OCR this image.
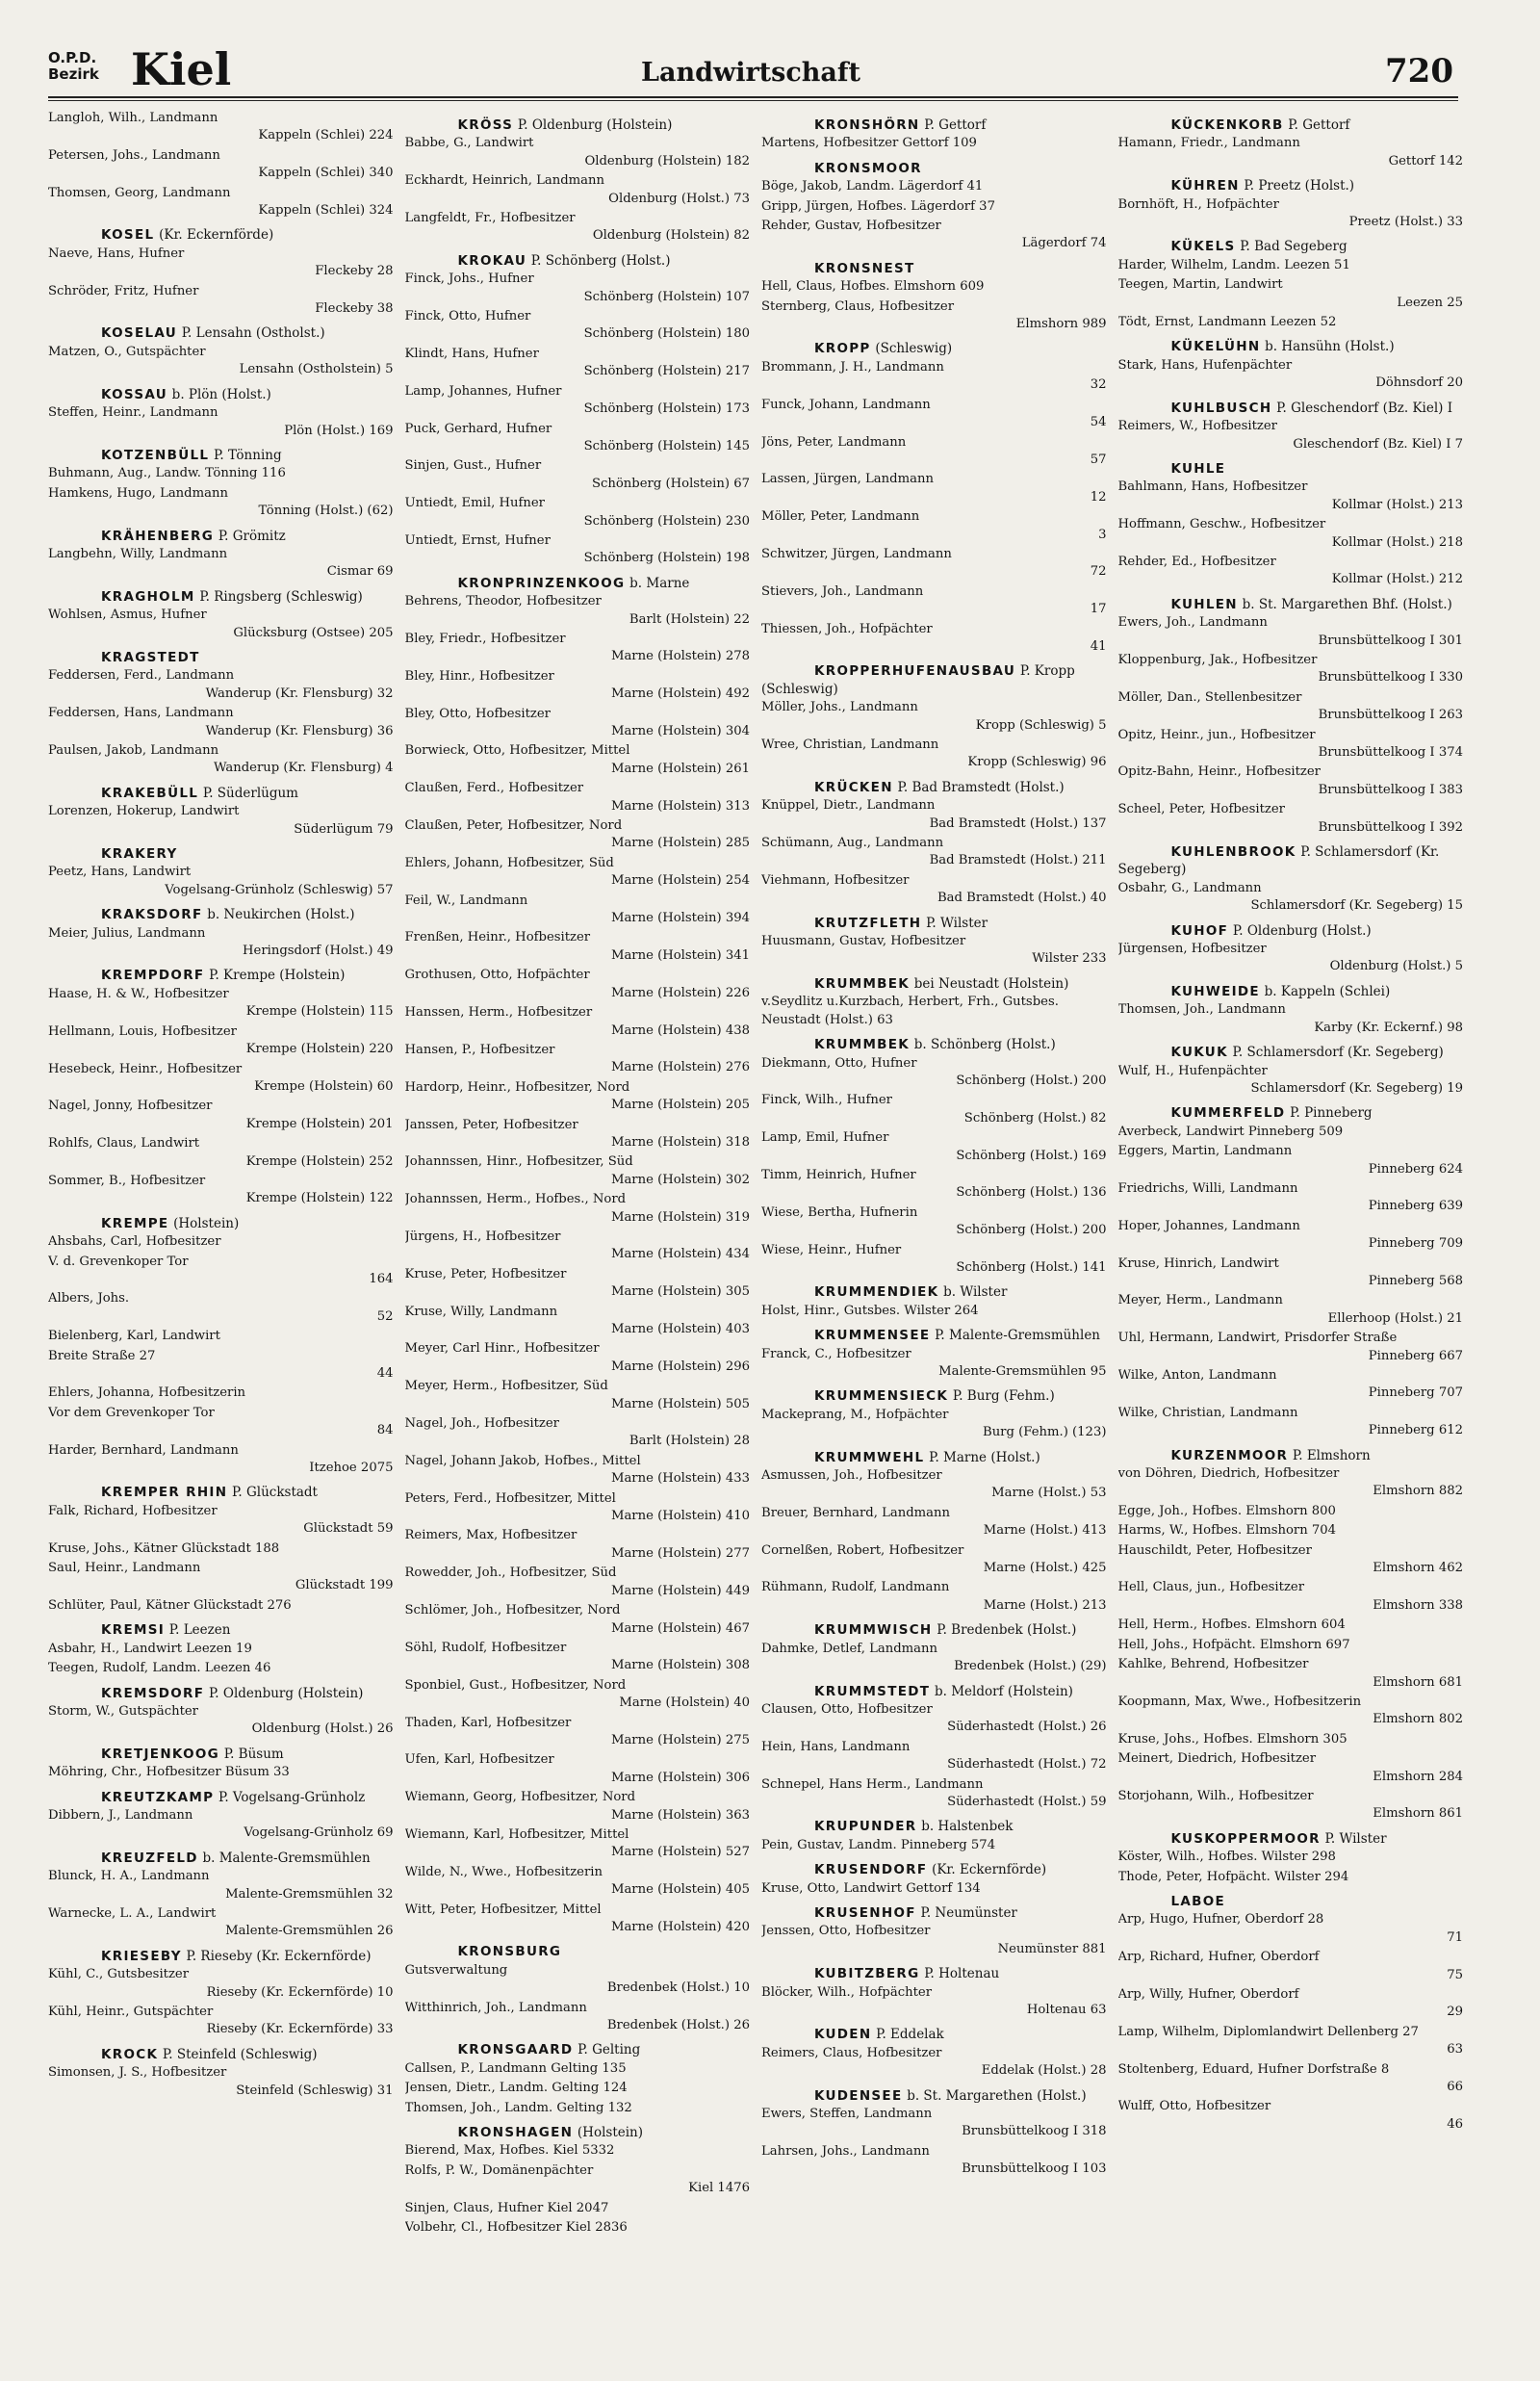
O.P.D.
Bezirk Kiel	Landwirtschaft	720
Langloh, Wilh., Landmann
Kappeln (Schlei) 224
Petersen, Johs., Landmann
Kappeln (Schlei) 340
Thomsen, Georg, Landmann
Kappeln (Schlei) 324
KOSEL (Kr. Eckernförde)
Naeve, Hans, Hufner
Fleckeby 28
Schröder, Fritz, Hufner
Fleckeby 38
KOSELAU P. Lensahn (Ostholst.)
Matzen, O., Gutspächter
Lensahn (Ostholstein) 5
KOSSAU b. Plön (Holst.)
Steffen, Heinr., Landmann
Plön (Holst.) 169
KOTZENBÜLL P. Tönning
Buhmann, Aug., Landw. Tönning 116
Hamkens, Hugo, Landmann
Tönning (Holst.) (62)
KRÄHENBERG P. Grömitz
Langbehn, Willy, Landmann
Cismar 69
KRAGHOLM P. Ringsberg (Schleswig)
Wohlsen, Asmus, Hufner
Glücksburg (Ostsee) 205
KRAGSTEDT
Feddersen, Ferd., Landmann
Wanderup (Kr. Flensburg) 32
Feddersen, Hans, Landmann
Wanderup (Kr. Flensburg) 36
Paulsen, Jakob, Landmann
Wanderup (Kr. Flensburg) 4
KRAKEBÜLL P. Süderlügum
Lorenzen, Hokerup, Landwirt
Süderlügum 79
KRAKERY
Peetz, Hans, Landwirt
Vogelsang-Grünholz (Schleswig) 57
KRAKSDORF b. Neukirchen (Holst.)
Meier, Julius, Landmann
Heringsdorf (Holst.) 49
KREMPDORF P. Krempe (Holstein)
Haase, H. & W., Hofbesitzer
Krempe (Holstein) 115
Hellmann, Louis, Hofbesitzer
Krempe (Holstein) 220
Hesebeck, Heinr., Hofbesitzer
Krempe (Holstein) 60
Nagel, Jonny, Hofbesitzer
Krempe (Holstein) 201
Rohlfs, Claus, Landwirt
Krempe (Holstein) 252
Sommer, B., Hofbesitzer
Krempe (Holstein) 122
KREMPE (Holstein)
Ahsbahs, Carl, Hofbesitzer
V. d. Grevenkoper Tor
164
Albers, Johs.
52
Bielenberg, Karl, Landwirt
Breite Straße 27
44
Ehlers, Johanna, Hofbesitzerin
Vor dem Grevenkoper Tor
84
Harder, Bernhard, Landmann
Itzehoe 2075
KREMPER RHIN P. Glückstadt
Falk, Richard, Hofbesitzer
Glückstadt 59
Kruse, Johs., Kätner Glückstadt 188
Saul, Heinr., Landmann
Glückstadt 199
Schlüter, Paul, Kätner Glückstadt 276
KREMSI P. Leezen
Asbahr, H., Landwirt Leezen 19
Teegen, Rudolf, Landm. Leezen 46
KREMSDORF P. Oldenburg (Holstein)
Storm, W., Gutspächter
Oldenburg (Holst.) 26
KRETJENKOOG P. Büsum
Möhring, Chr., Hofbesitzer Büsum 33
KREUTZKAMP P. Vogelsang-Grünholz
Dibbern, J., Landmann
Vogelsang-Grünholz 69
KREUZFELD b. Malente-Gremsmühlen
Blunck, H. A., Landmann
Malente-Gremsmühlen 32
Warnecke, L. A., Landwirt
Malente-Gremsmühlen 26
KRIESEBY P. Rieseby (Kr. Eckernförde)
Kühl, C., Gutsbesitzer
Rieseby (Kr. Eckernförde) 10
Kühl, Heinr., Gutspächter
Rieseby (Kr. Eckernförde) 33
KROCK P. Steinfeld (Schleswig)
Simonsen, J. S., Hofbesitzer
Steinfeld (Schleswig) 31
KRÖSS P. Oldenburg (Holstein)
Babbe, G., Landwirt
Oldenburg (Holstein) 182
Eckhardt, Heinrich, Landmann
Oldenburg (Holst.) 73
Langfeldt, Fr., Hofbesitzer
Oldenburg (Holstein) 82
KROKAU P. Schönberg (Holst.)
Finck, Johs., Hufner
Schönberg (Holstein) 107
Finck, Otto, Hufner
Schönberg (Holstein) 180
Klindt, Hans, Hufner
Schönberg (Holstein) 217
Lamp, Johannes, Hufner
Schönberg (Holstein) 173
Puck, Gerhard, Hufner
Schönberg (Holstein) 145
Sinjen, Gust., Hufner
Schönberg (Holstein) 67
Untiedt, Emil, Hufner
Schönberg (Holstein) 230
Untiedt, Ernst, Hufner
Schönberg (Holstein) 198
KRONPRINZENKOOG b. Marne
Behrens, Theodor, Hofbesitzer
Barlt (Holstein) 22
Bley, Friedr., Hofbesitzer
Marne (Holstein) 278
Bley, Hinr., Hofbesitzer
Marne (Holstein) 492
Bley, Otto, Hofbesitzer
Marne (Holstein) 304
Borwieck, Otto, Hofbesitzer, Mittel
Marne (Holstein) 261
Claußen, Ferd., Hofbesitzer
Marne (Holstein) 313
Claußen, Peter, Hofbesitzer, Nord
Marne (Holstein) 285
Ehlers, Johann, Hofbesitzer, Süd
Marne (Holstein) 254
Feil, W., Landmann
Marne (Holstein) 394
Frenßen, Heinr., Hofbesitzer
Marne (Holstein) 341
Grothusen, Otto, Hofpächter
Marne (Holstein) 226
Hanssen, Herm., Hofbesitzer
Marne (Holstein) 438
Hansen, P., Hofbesitzer
Marne (Holstein) 276
Hardorp, Heinr., Hofbesitzer, Nord
Marne (Holstein) 205
Janssen, Peter, Hofbesitzer
Marne (Holstein) 318
Johannssen, Hinr., Hofbesitzer, Süd
Marne (Holstein) 302
Johannssen, Herm., Hofbes., Nord
Marne (Holstein) 319
Jürgens, H., Hofbesitzer
Marne (Holstein) 434
Kruse, Peter, Hofbesitzer
Marne (Holstein) 305
Kruse, Willy, Landmann
Marne (Holstein) 403
Meyer, Carl Hinr., Hofbesitzer
Marne (Holstein) 296
Meyer, Herm., Hofbesitzer, Süd
Marne (Holstein) 505
Nagel, Joh., Hofbesitzer
Barlt (Holstein) 28
Nagel, Johann Jakob, Hofbes., Mittel
Marne (Holstein) 433
Peters, Ferd., Hofbesitzer, Mittel
Marne (Holstein) 410
Reimers, Max, Hofbesitzer
Marne (Holstein) 277
Rowedder, Joh., Hofbesitzer, Süd
Marne (Holstein) 449
Schlömer, Joh., Hofbesitzer, Nord
Marne (Holstein) 467
Söhl, Rudolf, Hofbesitzer
Marne (Holstein) 308
Sponbiel, Gust., Hofbesitzer, Nord
Marne (Holstein) 40
Thaden, Karl, Hofbesitzer
Marne (Holstein) 275
Ufen, Karl, Hofbesitzer
Marne (Holstein) 306
Wiemann, Georg, Hofbesitzer, Nord
Marne (Holstein) 363
Wiemann, Karl, Hofbesitzer, Mittel
Marne (Holstein) 527
Wilde, N., Wwe., Hofbesitzerin
Marne (Holstein) 405
Witt, Peter, Hofbesitzer, Mittel
Marne (Holstein) 420
KRONSBURG
Gutsverwaltung
Bredenbek (Holst.) 10
Witthinrich, Joh., Landmann
Bredenbek (Holst.) 26
KRONSGAARD P. Gelting
Callsen, P., Landmann Gelting 135
Jensen, Dietr., Landm. Gelting 124
Thomsen, Joh., Landm. Gelting 132
KRONSHAGEN (Holstein)
Bierend, Max, Hofbes. Kiel 5332
Rolfs, P. W., Domänenpächter
Kiel 1476
Sinjen, Claus, Hufner Kiel 2047
Volbehr, Cl., Hofbesitzer Kiel 2836
KRONSHÖRN P. Gettorf
Martens, Hofbesitzer Gettorf 109
KRONSMOOR
Böge, Jakob, Landm. Lägerdorf 41
Gripp, Jürgen, Hofbes. Lägerdorf 37
Rehder, Gustav, Hofbesitzer
Lägerdorf 74
KRONSNEST
Hell, Claus, Hofbes. Elmshorn 609
Sternberg, Claus, Hofbesitzer
Elmshorn 989
KROPP (Schleswig)
Brommann, J. H., Landmann
32
Funck, Johann, Landmann
54
Jöns, Peter, Landmann
57
Lassen, Jürgen, Landmann
12
Möller, Peter, Landmann
3
Schwitzer, Jürgen, Landmann
72
Stievers, Joh., Landmann
17
Thiessen, Joh., Hofpächter
41
KROPPERHUFENAUSBAU P. Kropp (Schleswig)
Möller, Johs., Landmann
Kropp (Schleswig) 5
Wree, Christian, Landmann
Kropp (Schleswig) 96
KRÜCKEN P. Bad Bramstedt (Holst.)
Knüppel, Dietr., Landmann
Bad Bramstedt (Holst.) 137
Schümann, Aug., Landmann
Bad Bramstedt (Holst.) 211
Viehmann, Hofbesitzer
Bad Bramstedt (Holst.) 40
KRUTZFLETH P. Wilster
Huusmann, Gustav, Hofbesitzer
Wilster 233
KRUMMBEK bei Neustadt (Holstein)
v.Seydlitz u.Kurzbach, Herbert, Frh., Gutsbes. Neustadt (Holst.) 63
KRUMMBEK b. Schönberg (Holst.)
Diekmann, Otto, Hufner
Schönberg (Holst.) 200
Finck, Wilh., Hufner
Schönberg (Holst.) 82
Lamp, Emil, Hufner
Schönberg (Holst.) 169
Timm, Heinrich, Hufner
Schönberg (Holst.) 136
Wiese, Bertha, Hufnerin
Schönberg (Holst.) 200
Wiese, Heinr., Hufner
Schönberg (Holst.) 141
KRUMMENDIEK b. Wilster
Holst, Hinr., Gutsbes. Wilster 264
KRUMMENSEE P. Malente-Gremsmühlen
Franck, C., Hofbesitzer
Malente-Gremsmühlen 95
KRUMMENSIECK P. Burg (Fehm.)
Mackeprang, M., Hofpächter
Burg (Fehm.) (123)
KRUMMWEHL P. Marne (Holst.)
Asmussen, Joh., Hofbesitzer
Marne (Holst.) 53
Breuer, Bernhard, Landmann
Marne (Holst.) 413
Cornelßen, Robert, Hofbesitzer
Marne (Holst.) 425
Rühmann, Rudolf, Landmann
Marne (Holst.) 213
KRUMMWISCH P. Bredenbek (Holst.)
Dahmke, Detlef, Landmann
Bredenbek (Holst.) (29)
KRUMMSTEDT b. Meldorf (Holstein)
Clausen, Otto, Hofbesitzer
Süderhastedt (Holst.) 26
Hein, Hans, Landmann
Süderhastedt (Holst.) 72
Schnepel, Hans Herm., Landmann
Süderhastedt (Holst.) 59
KRUPUNDER b. Halstenbek
Pein, Gustav, Landm. Pinneberg 574
KRUSENDORF (Kr. Eckernförde)
Kruse, Otto, Landwirt Gettorf 134
KRUSENHOF P. Neumünster
Jenssen, Otto, Hofbesitzer
Neumünster 881
KUBITZBERG P. Holtenau
Blöcker, Wilh., Hofpächter
Holtenau 63
KUDEN P. Eddelak
Reimers, Claus, Hofbesitzer
Eddelak (Holst.) 28
KUDENSEE b. St. Margarethen (Holst.)
Ewers, Steffen, Landmann
Brunsbüttelkoog I 318
Lahrsen, Johs., Landmann
Brunsbüttelkoog I 103
KÜCKENKORB P. Gettorf
Hamann, Friedr., Landmann
Gettorf 142
KÜHREN P. Preetz (Holst.)
Bornhöft, H., Hofpächter
Preetz (Holst.) 33
KÜKELS P. Bad Segeberg
Harder, Wilhelm, Landm. Leezen 51
Teegen, Martin, Landwirt
Leezen 25
Tödt, Ernst, Landmann Leezen 52
KÜKELÜHN b. Hansühn (Holst.)
Stark, Hans, Hufenpächter
Döhnsdorf 20
KUHLBUSCH P. Gleschendorf (Bz. Kiel) I
Reimers, W., Hofbesitzer
Gleschendorf (Bz. Kiel) I 7
KUHLE
Bahlmann, Hans, Hofbesitzer
Kollmar (Holst.) 213
Hoffmann, Geschw., Hofbesitzer
Kollmar (Holst.) 218
Rehder, Ed., Hofbesitzer
Kollmar (Holst.) 212
KUHLEN b. St. Margarethen Bhf. (Holst.)
Ewers, Joh., Landmann
Brunsbüttelkoog I 301
Kloppenburg, Jak., Hofbesitzer
Brunsbüttelkoog I 330
Möller, Dan., Stellenbesitzer
Brunsbüttelkoog I 263
Opitz, Heinr., jun., Hofbesitzer
Brunsbüttelkoog I 374
Opitz-Bahn, Heinr., Hofbesitzer
Brunsbüttelkoog I 383
Scheel, Peter, Hofbesitzer
Brunsbüttelkoog I 392
KUHLENBROOK P. Schlamersdorf (Kr. Segeberg)
Osbahr, G., Landmann
Schlamersdorf (Kr. Segeberg) 15
KUHOF P. Oldenburg (Holst.)
Jürgensen, Hofbesitzer
Oldenburg (Holst.) 5
KUHWEIDE b. Kappeln (Schlei)
Thomsen, Joh., Landmann
Karby (Kr. Eckernf.) 98
KUKUK P. Schlamersdorf (Kr. Segeberg)
Wulf, H., Hufenpächter
Schlamersdorf (Kr. Segeberg) 19
KUMMERFELD P. Pinneberg
Averbeck, Landwirt Pinneberg 509
Eggers, Martin, Landmann
Pinneberg 624
Friedrichs, Willi, Landmann
Pinneberg 639
Hoper, Johannes, Landmann
Pinneberg 709
Kruse, Hinrich, Landwirt
Pinneberg 568
Meyer, Herm., Landmann
Ellerhoop (Holst.) 21
Uhl, Hermann, Landwirt, Prisdorfer Straße
Pinneberg 667
Wilke, Anton, Landmann
Pinneberg 707
Wilke, Christian, Landmann
Pinneberg 612
KURZENMOOR P. Elmshorn
von Döhren, Diedrich, Hofbesitzer
Elmshorn 882
Egge, Joh., Hofbes. Elmshorn 800
Harms, W., Hofbes. Elmshorn 704
Hauschildt, Peter, Hofbesitzer
Elmshorn 462
Hell, Claus, jun., Hofbesitzer
Elmshorn 338
Hell, Herm., Hofbes. Elmshorn 604
Hell, Johs., Hofpächt. Elmshorn 697
Kahlke, Behrend, Hofbesitzer
Elmshorn 681
Koopmann, Max, Wwe., Hofbesitzerin
Elmshorn 802
Kruse, Johs., Hofbes. Elmshorn 305
Meinert, Diedrich, Hofbesitzer
Elmshorn 284
Storjohann, Wilh., Hofbesitzer
Elmshorn 861
KUSKOPPERMOOR P. Wilster
Köster, Wilh., Hofbes. Wilster 298
Thode, Peter, Hofpächt. Wilster 294
LABOE
Arp, Hugo, Hufner, Oberdorf 28
71
Arp, Richard, Hufner, Oberdorf
75
Arp, Willy, Hufner, Oberdorf
29
Lamp, Wilhelm, Diplomlandwirt Dellenberg 27
63
Stoltenberg, Eduard, Hufner Dorfstraße 8
66
Wulff, Otto, Hofbesitzer
46
